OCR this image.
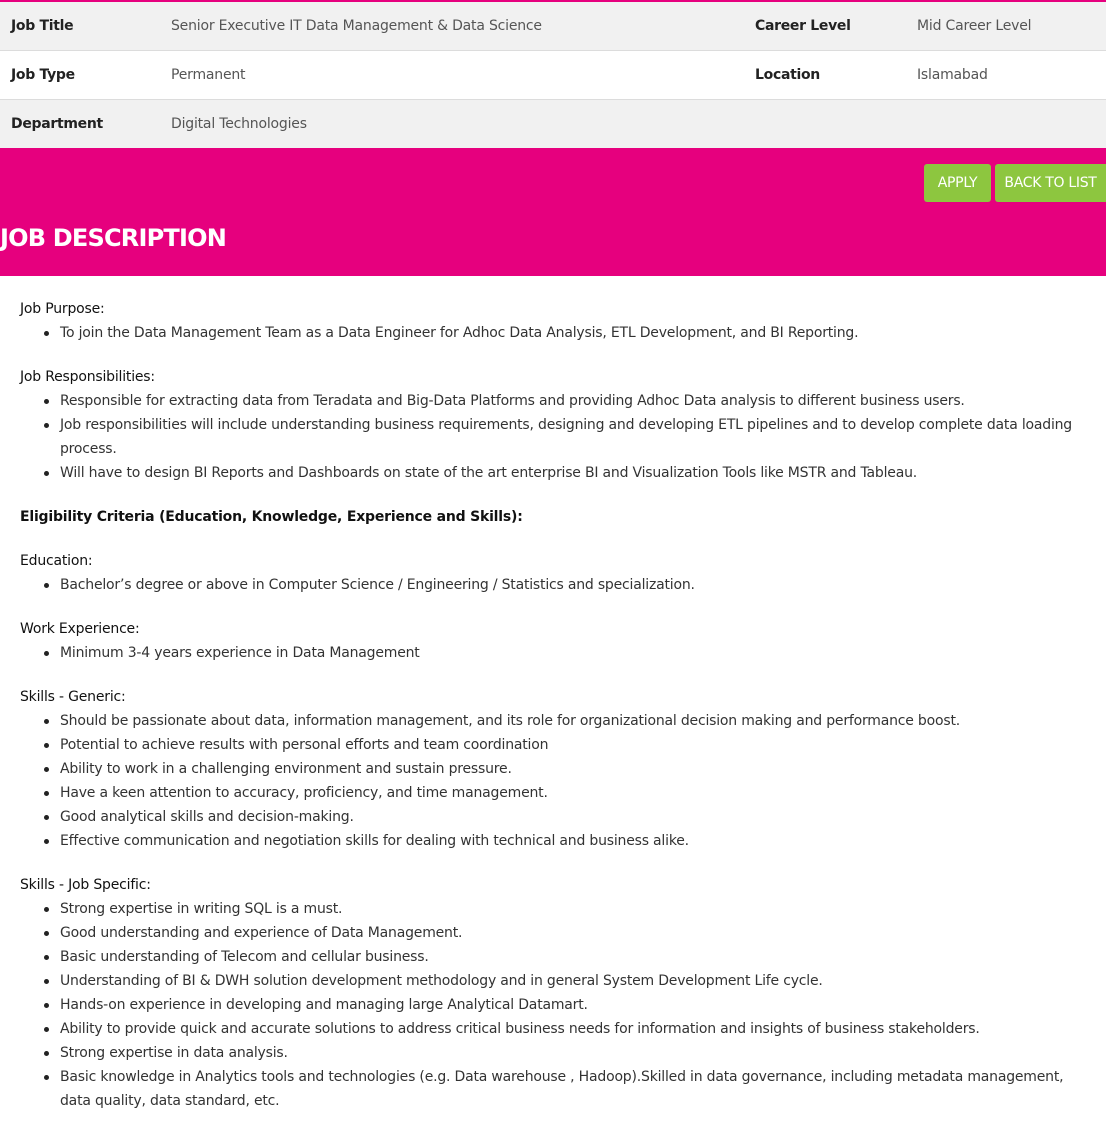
Job Title	Senior Executive IT Data Management & Data Science	Career Level	Mid Career Level
Job Type	Permanent	Location	Islamabad
Department	Digital Technologies
APPLY	BACK TO LIST
JOB DESCRIPTION
Job Purpose:
To join the Data Management Team as a Data Engineer for Adhoc Data Analysis, ETL Development, and BI Reporting.
Job Responsibilities:
Responsible for extracting data from Teradata and Big-Data Platforms and providing Adhoc Data analysis to different business users.
Job responsibilities will include understanding business requirements, designing and developing ETL pipelines and to develop complete data loading process.
Will have to design BI Reports and Dashboards on state of the art enterprise BI and Visualization Tools like MSTR and Tableau.
Eligibility Criteria (Education, Knowledge, Experience and Skills):
Education:
Bachelor’s degree or above in Computer Science / Engineering / Statistics and specialization.
Work Experience:
Minimum 3-4 years experience in Data Management
Skills - Generic:
Should be passionate about data, information management, and its role for organizational decision making and performance boost.
Potential to achieve results with personal efforts and team coordination
Ability to work in a challenging environment and sustain pressure.
Have a keen attention to accuracy, proficiency, and time management.
Good analytical skills and decision-making.
Effective communication and negotiation skills for dealing with technical and business alike.
Skills - Job Specific:
Strong expertise in writing SQL is a must.
Good understanding and experience of Data Management.
Basic understanding of Telecom and cellular business.
Understanding of BI & DWH solution development methodology and in general System Development Life cycle.
Hands-on experience in developing and managing large Analytical Datamart.
Ability to provide quick and accurate solutions to address critical business needs for information and insights of business stakeholders.
Strong expertise in data analysis.
Basic knowledge in Analytics tools and technologies (e.g. Data warehouse , Hadoop).Skilled in data governance, including metadata management, data quality, data standard, etc.
